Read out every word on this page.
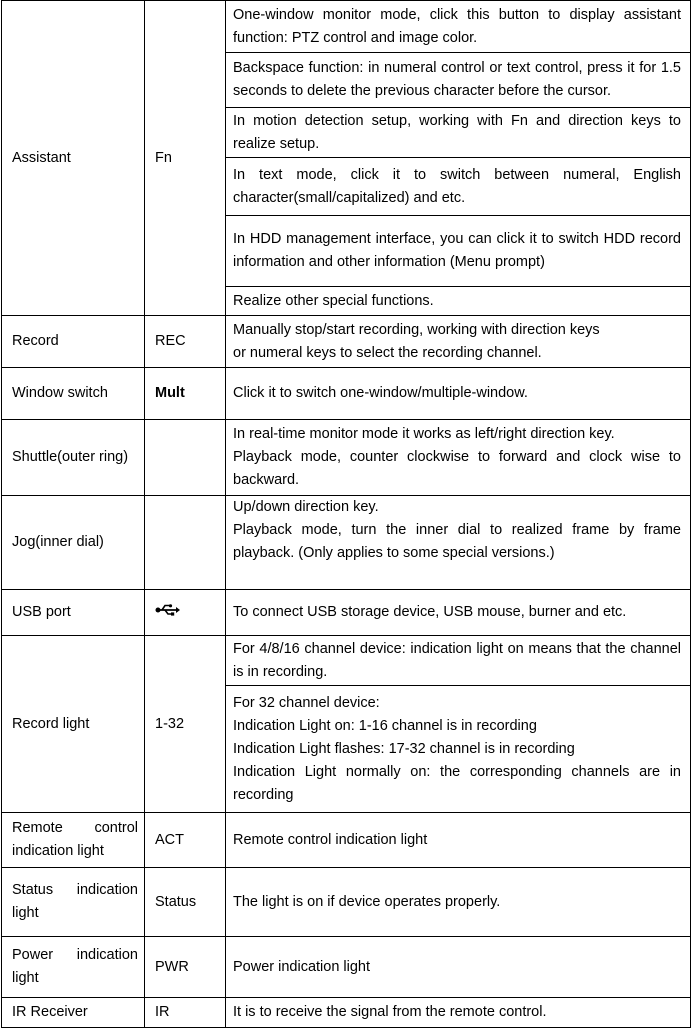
Assistant	Fn	One-window monitor mode, click this button to display assistant function: PTZ control and image color.
		Backspace function: in numeral control or text control, press it for 1.5 seconds to delete the previous character before the cursor.
		In motion detection setup, working with Fn and direction keys to realize setup.
		In text mode, click it to switch between numeral, English character(small/capitalized) and etc.
		In HDD management interface, you can click it to switch HDD record information and other information (Menu prompt)
		Realize other special functions.
Record	REC	Manually stop/start recording, working with direction keys
or numeral keys to select the recording channel.

Window switch	Mult	Click it to switch one-window/multiple-window.
Shuttle(outer ring)		In real-time monitor mode it works as left/right direction key.
Playback mode, counter clockwise to forward and clock wise to backward.

Jog(inner dial)		Up/down direction key.
Playback mode, turn the inner dial to realized frame by frame playback. (Only applies to some special versions.)

USB port		To connect USB storage device, USB mouse, burner and etc.
Record light	1-32	For 4/8/16 channel device: indication light on means that the channel is in recording.

		For 32 channel device:
Indication Light on: 1-16 channel is in recording
Indication Light flashes: 17-32 channel is in recording
Indication Light normally on: the corresponding channels are in recording

Remote control indication light	ACT	Remote control indication light
Status indication light	Status	The light is on if device operates properly.
Power indication light	PWR	Power indication light
IR Receiver	IR	It is to receive the signal from the remote control.
